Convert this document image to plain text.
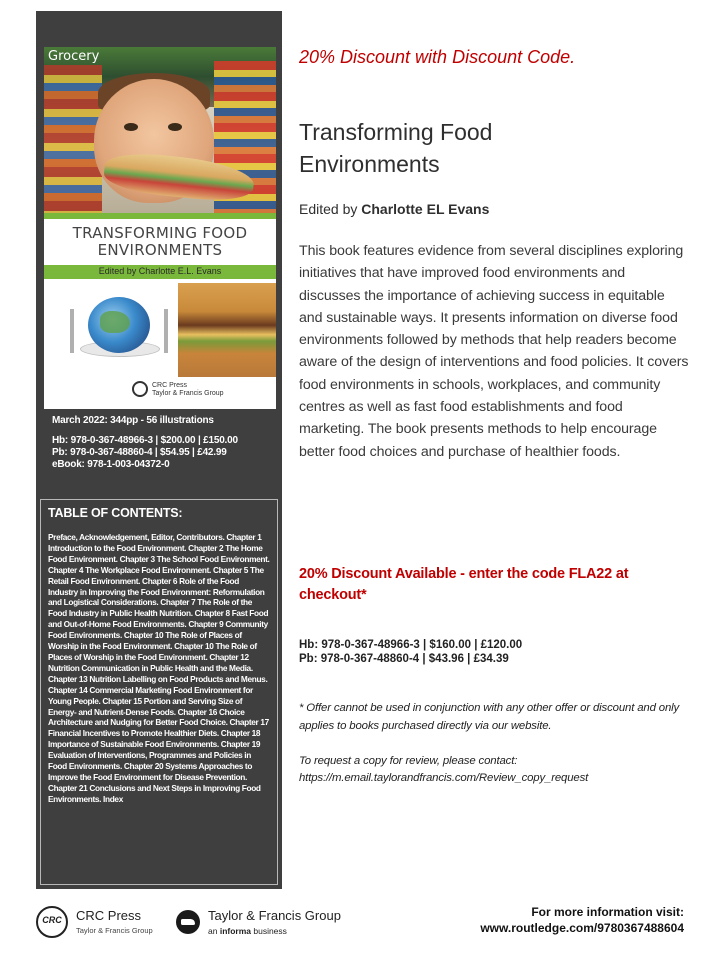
Grocery
TRANSFORMING FOOD
ENVIRONMENTS
Edited by Charlotte E.L. Evans
CRC Press
Taylor & Francis Group
March 2022: 344pp - 56 illustrations
Hb: 978-0-367-48966-3 | $200.00 | £150.00
Pb: 978-0-367-48860-4 | $54.95 | £42.99
eBook: 978-1-003-04372-0
TABLE OF CONTENTS:
Preface, Acknowledgement, Editor, Contributors. Chapter 1 Introduction to the Food Environment. Chapter 2 The Home Food Environment. Chapter 3 The School Food Environment. Chapter 4 The Workplace Food Environment. Chapter 5 The Retail Food Environment. Chapter 6 Role of the Food Industry in Improving the Food Environment: Reformulation and Logistical Considerations. Chapter 7 The Role of the Food Industry in Public Health Nutrition. Chapter 8 Fast Food and Out-of-Home Food Environments. Chapter 9 Community Food Environments. Chapter 10 The Role of Places of Worship in the Food Environment. Chapter 10 The Role of Places of Worship in the Food Environment. Chapter 12 Nutrition Communication in Public Health and the Media. Chapter 13 Nutrition Labelling on Food Products and Menus. Chapter 14 Commercial Marketing Food Environment for Young People. Chapter 15 Portion and Serving Size of Energy- and Nutrient-Dense Foods. Chapter 16 Choice Architecture and Nudging for Better Food Choice. Chapter 17 Financial Incentives to Promote Healthier Diets. Chapter 18 Importance of Sustainable Food Environments. Chapter 19 Evaluation of Interventions, Programmes and Policies in Food Environments. Chapter 20 Systems Approaches to Improve the Food Environment for Disease Prevention. Chapter 21 Conclusions and Next Steps in Improving Food Environments. Index
20% Discount with Discount Code.
Transforming Food Environments
Edited by Charlotte EL Evans

This book features evidence from several disciplines exploring initiatives that have improved food environments and discusses the importance of achieving success in equitable and sustainable ways. It presents information on diverse food environments followed by methods that help readers become aware of the design of interventions and food policies. It covers food environments in schools, workplaces, and community centres as well as fast food establishments and food marketing. The book presents methods to help encourage better food choices and purchase of healthier foods.

20% Discount Available - enter the code FLA22 at checkout*
Hb: 978-0-367-48966-3 | $160.00 | £120.00
Pb: 978-0-367-48860-4 | $43.96 | £34.39

* Offer cannot be used in conjunction with any other offer or discount and only applies to books purchased directly via our website.

To request a copy for review, please contact:
https://m.email.taylorandfrancis.com/Review_copy_request
CRC	CRC Press
Taylor & Francis Group
Taylor & Francis Group
an informa business
For more information visit:
www.routledge.com/9780367488604
